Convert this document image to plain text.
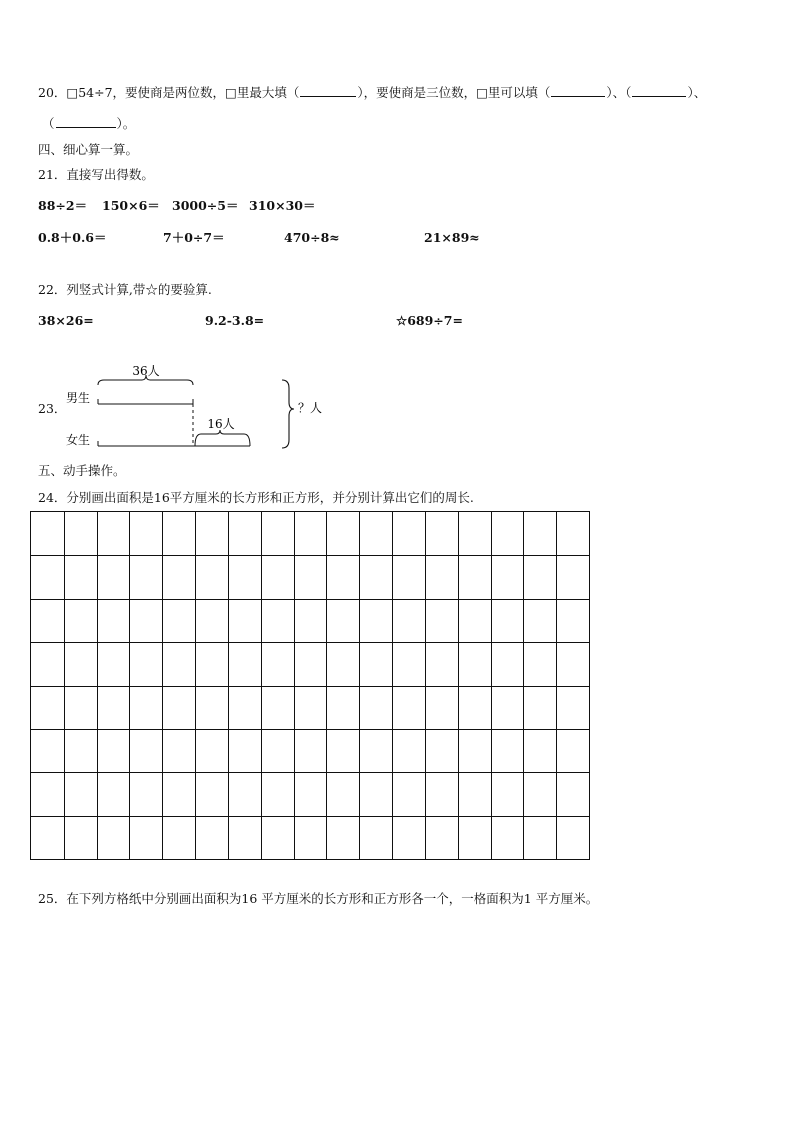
20．□54÷7，要使商是两位数，□里最大填（	），要使商是三位数，□里可以填（	）、（	）、
（	）。
四、细心算一算。
21．直接写出得数。
88÷2＝ 150×6＝ 3000÷5＝ 310×30＝
0.8＋0.6＝	7＋0÷7＝	470÷8≈	21×89≈
22．列竖式计算,带☆的要验算.
38×26=	9.2-3.8=	☆689÷7=
23．
36人
男生
16人
女生
？人
五、动手操作。
24．分别画出面积是16平方厘米的长方形和正方形，并分别计算出它们的周长.
25．在下列方格纸中分别画出面积为16 平方厘米的长方形和正方形各一个，一格面积为1 平方厘米。
